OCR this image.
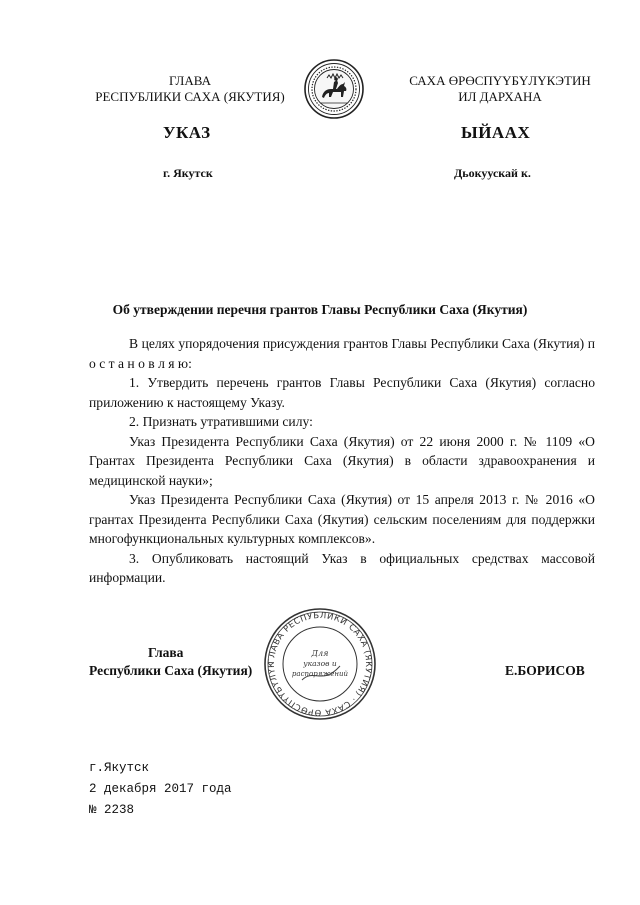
ГЛАВА
РЕСПУБЛИКИ САХА (ЯКУТИЯ)
САХА ӨРӨСПҮҮБҮЛҮКЭТИН
ИЛ ДАРХАНА
УКАЗ	ЫЙААХ
г. Якутск	Дьокуускай к.
Об утверждении перечня грантов Главы Республики Саха (Якутия)

В целях упорядочения присуждения грантов Главы Республики Саха (Якутия) п о с т а н о в л я ю:

1. Утвердить перечень грантов Главы Республики Саха (Якутия) согласно приложению к настоящему Указу.

2. Признать утратившими силу:

Указ Президента Республики Саха (Якутия) от 22 июня 2000 г. № 1109 «О Грантах Президента Республики Саха (Якутия) в области здравоохранения и медицинской науки»;

Указ Президента Республики Саха (Якутия) от 15 апреля 2013 г. № 2016 «О грантах Президента Республики Саха (Якутия) сельским поселениям для поддержки многофункциональных культурных комплексов».

3. Опубликовать настоящий Указ в официальных средствах массовой информации.

ГЛАВА РЕСПУБЛИКИ САХА (ЯКУТИЯ) · САХА ӨРӨСПҮҮБҮЛҮК
Для
указов и
распоряжений
Глава
Республики Саха (Якутия)	Е.БОРИСОВ
г.Якутск
2 декабря 2017 года
№ 2238
